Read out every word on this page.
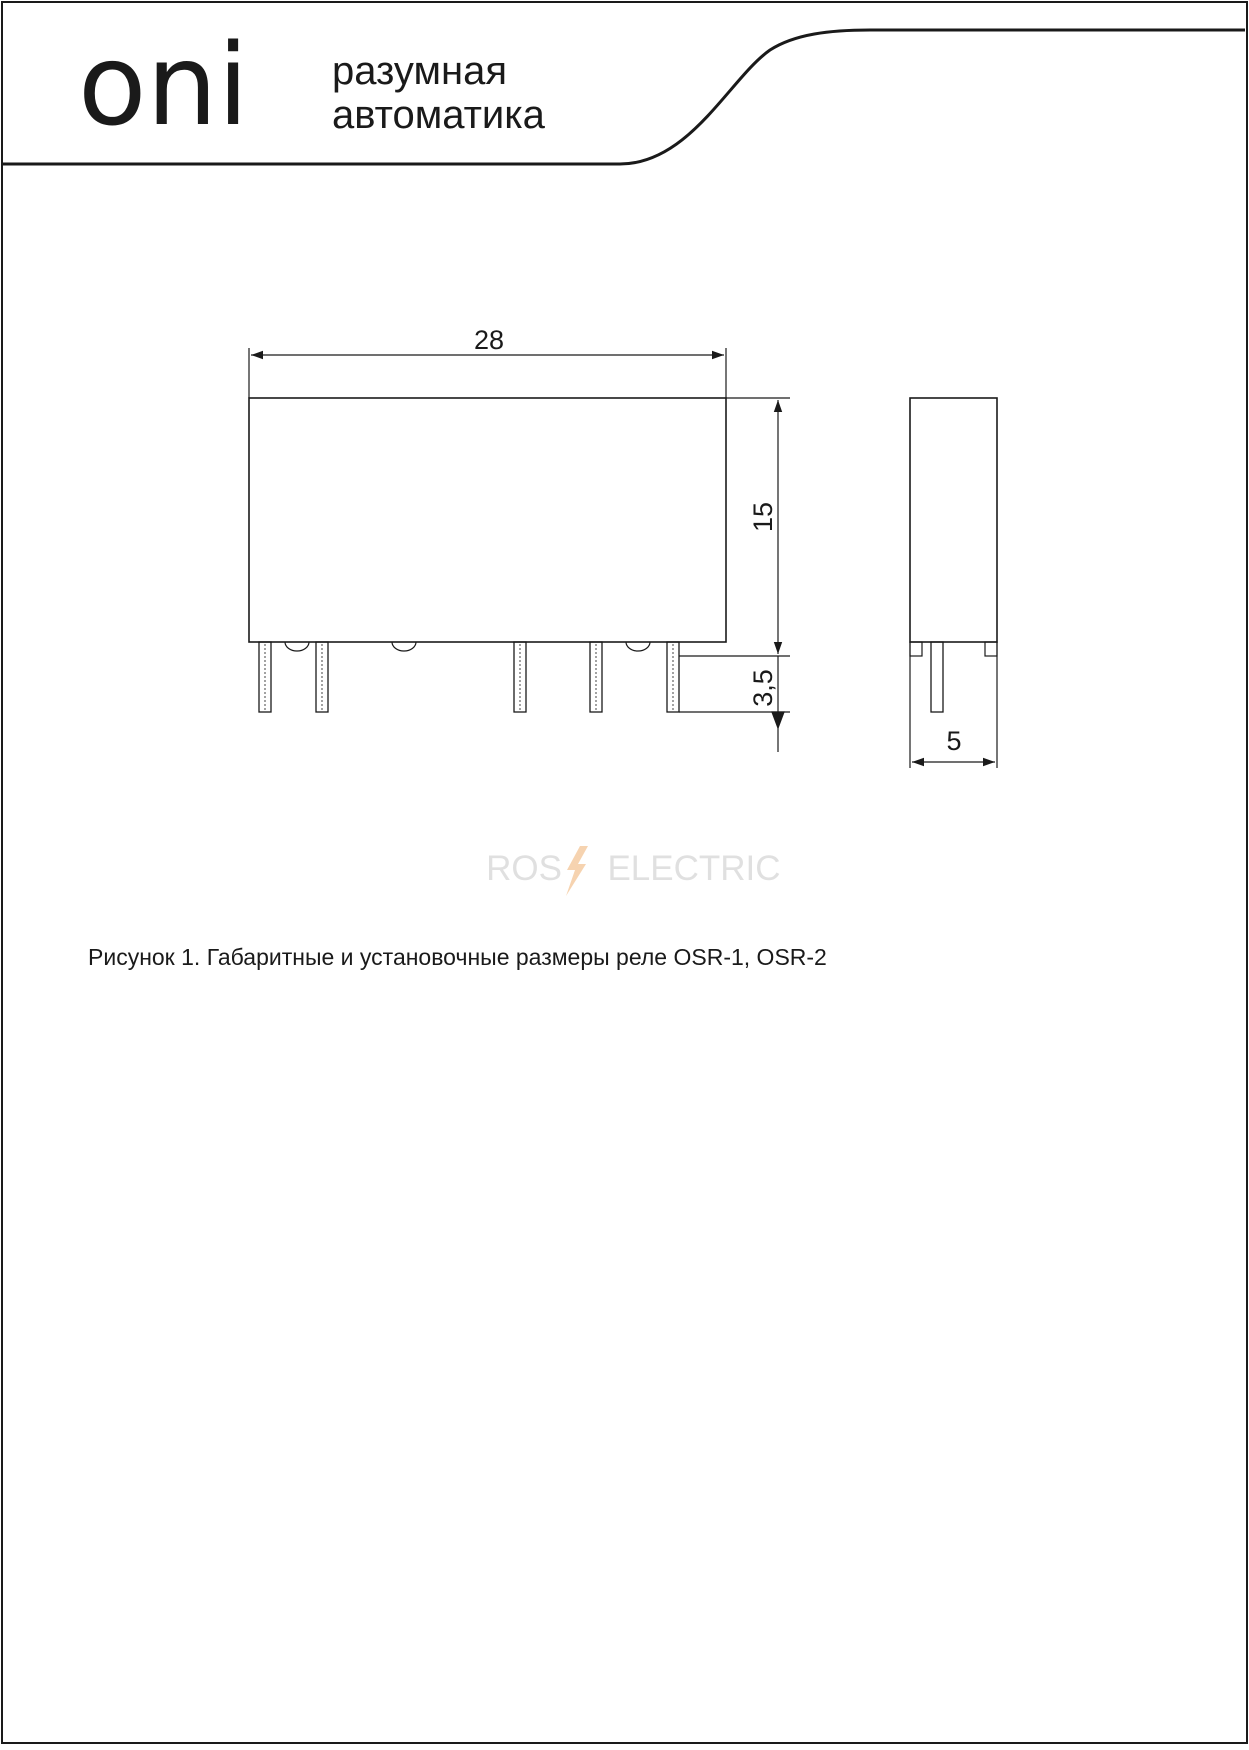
oni разумная
автоматика
28
15
3,5
5
ROS ELECTRIC
Рисунок 1. Габаритные и установочные размеры реле OSR-1, OSR-2
